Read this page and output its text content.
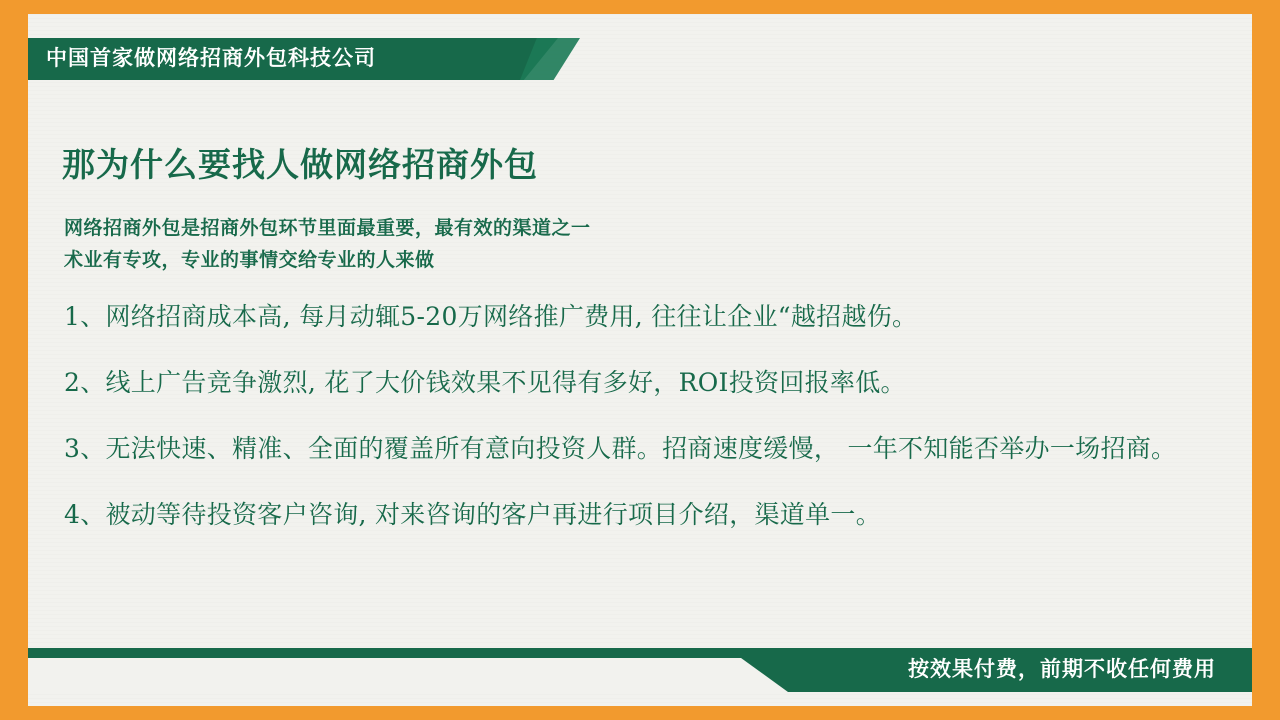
中国首家做网络招商外包科技公司
那为什么要找人做网络招商外包
网络招商外包是招商外包环节里面最重要，最有效的渠道之一
术业有专攻，专业的事情交给专业的人来做
1、网络招商成本高, 每月动辄5-20万网络推广费用, 往往让企业“越招越伤。
2、线上广告竞争激烈, 花了大价钱效果不见得有多好，ROI投资回报率低。
3、无法快速、精准、全面的覆盖所有意向投资人群。招商速度缓慢， 一年不知能否举办一场招商。
4、被动等待投资客户咨询, 对来咨询的客户再进行项目介绍，渠道单一。
按效果付费，前期不收任何费用
